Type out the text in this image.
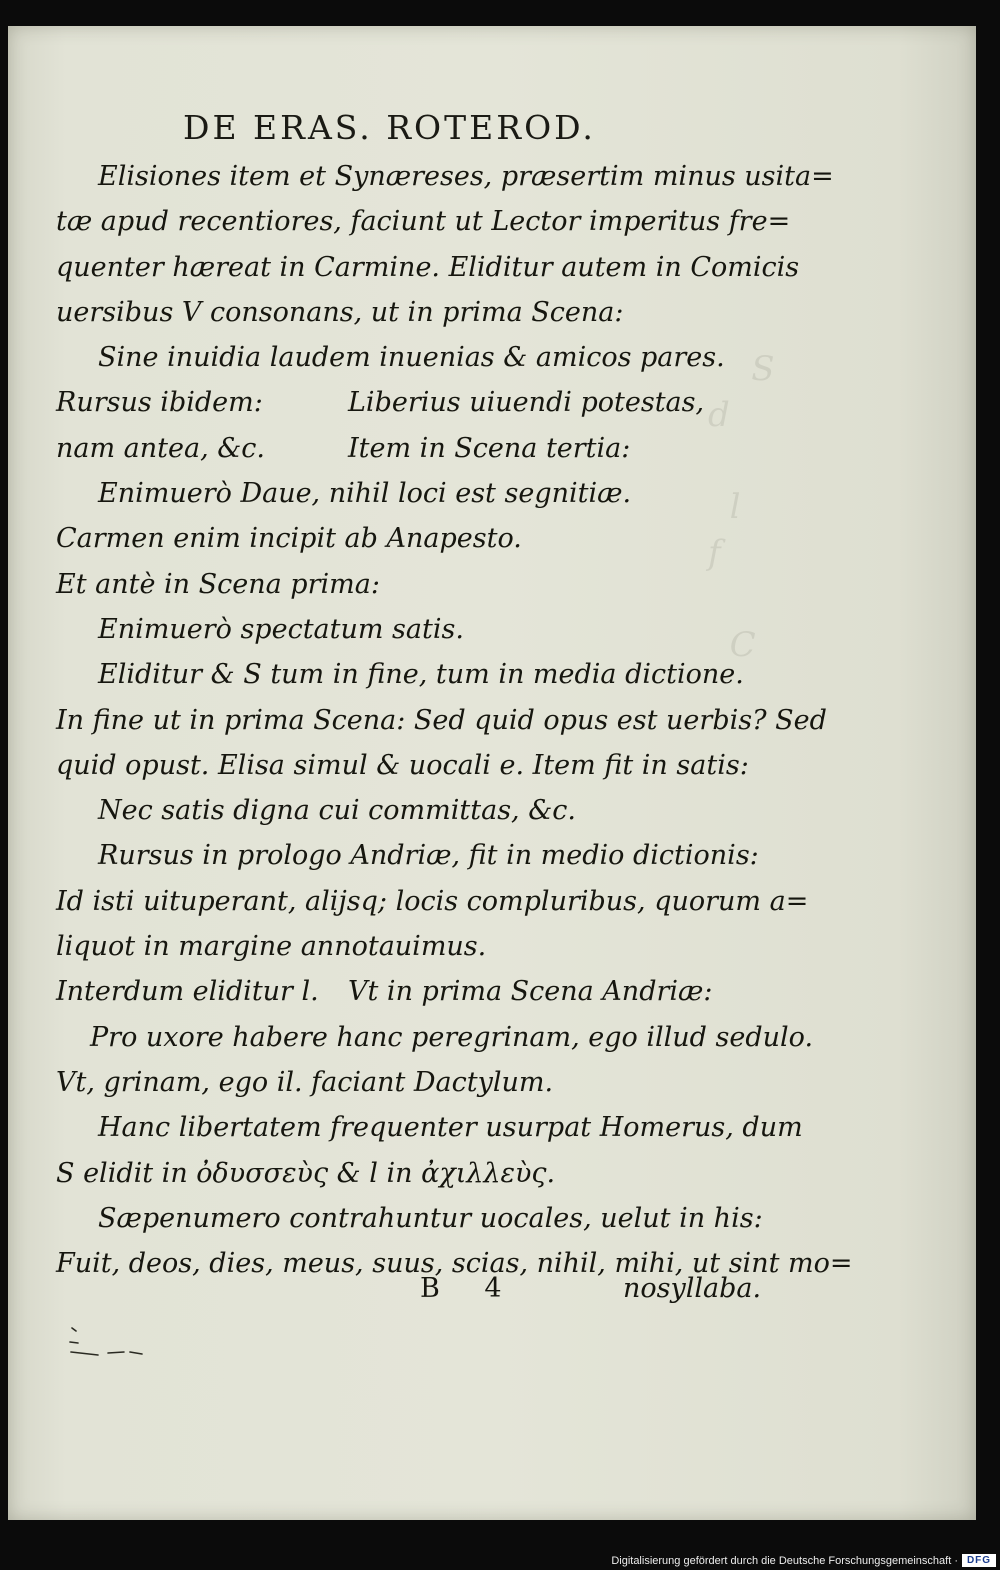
S
d

l
f

C
DE ERAS. ROTEROD.
Elisiones item et Synæreses, præsertim minus usita=
tæ apud recentiores, faciunt ut Lector imperitus fre=
quenter hæreat in Carmine. Eliditur autem in Comicis
uersibus V consonans, ut in prima Scena:
Sine inuidia laudem inuenias & amicos pares.
Rursus ibidem:	Liberius uiuendi potestas,
nam antea, &c.	Item in Scena tertia:
Enimuerò Daue, nihil loci est segnitiæ.
Carmen enim incipit ab Anapesto.
Et antè in Scena prima:
Enimuerò spectatum satis.
Eliditur & S tum in fine, tum in media dictione.
In fine ut in prima Scena: Sed quid opus est uerbis? Sed
quid opust. Elisa simul & uocali e. Item fit in satis:
Nec satis digna cui committas, &c.
Rursus in prologo Andriæ, fit in medio dictionis:
Id isti uituperant, alijsq; locis compluribus, quorum a=
liquot in margine annotauimus.
Interdum eliditur l. Vt in prima Scena Andriæ:
Pro uxore habere hanc peregrinam, ego illud sedulo.
Vt, grinam, ego il. faciant Dactylum.
Hanc libertatem frequenter usurpat Homerus, dum
S elidit in ὀδυσσεὺς & l in ἀχιλλεὺς.
Sæpenumero contrahuntur uocales, uelut in his:
Fuit, deos, dies, meus, suus, scias, nihil, mihi, ut sint mo=
B 4	nosyllaba.
Digitalisierung gefördert durch die Deutsche Forschungsgemeinschaft · DFG
